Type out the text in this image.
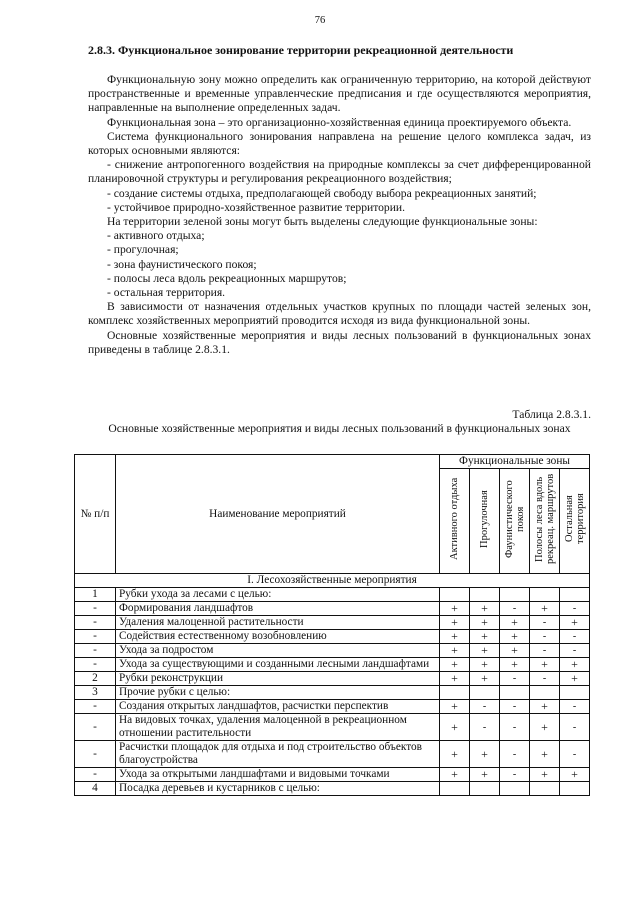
76
2.8.3. Функциональное зонирование территории рекреационной деятельности

Функциональную зону можно определить как ограниченную территорию, на которой действуют пространственные и временные управленческие предписания и где осуществляются мероприятия, направленные на выполнение определенных задач.

Функциональная зона – это организационно-хозяйственная единица проектируемого объекта.

Система функционального зонирования направлена на решение целого комплекса задач, из которых основными являются:

- снижение антропогенного воздействия на природные комплексы за счет дифференцированной планировочной структуры и регулирования рекреационного воздействия;

- создание системы отдыха, предполагающей свободу выбора рекреационных занятий;

- устойчивое природно-хозяйственное развитие территории.

На территории зеленой зоны могут быть выделены следующие функциональные зоны:

- активного отдыха;

- прогулочная;

- зона фаунистического покоя;

- полосы леса вдоль рекреационных маршрутов;

- остальная территория.

В зависимости от назначения отдельных участков крупных по площади частей зеленых зон, комплекс хозяйственных мероприятий проводится исходя из вида функциональной зоны.

Основные хозяйственные мероприятия и виды лесных пользований в функциональных зонах приведены в таблице 2.8.3.1.

Таблица 2.8.3.1.
Основные хозяйственные мероприятия и виды лесных пользований в функциональных зонах
№ п/п	Наименование мероприятий	Функциональные зоны				
		Активного отдыха	Прогулочная	Фаунистического покоя	Полосы леса вдоль рекреац. маршрутов	Остальная территория
I. Лесохозяйственные мероприятия						
1	Рубки ухода за лесами с целью:					
-	Формирования ландшафтов	+	+	-	+	-
-	Удаления малоценной растительности	+	+	+	-	+
-	Содействия естественному возобновлению	+	+	+	-	-
-	Ухода за подростом	+	+	+	-	-
-	Ухода за существующими и созданными лесными ландшафтами	+	+	+	+	+
2	Рубки реконструкции	+	+	-	-	+
3	Прочие рубки с целью:					
-	Создания открытых ландшафтов, расчистки перспектив	+	-	-	+	-
-	На видовых точках, удаления малоценной в рекреационном отношении растительности	+	-	-	+	-
-	Расчистки площадок для отдыха и под строительство объектов благоустройства	+	+	-	+	-
-	Ухода за открытыми ландшафтами и видовыми точками	+	+	-	+	+
4	Посадка деревьев и кустарников с целью:					
